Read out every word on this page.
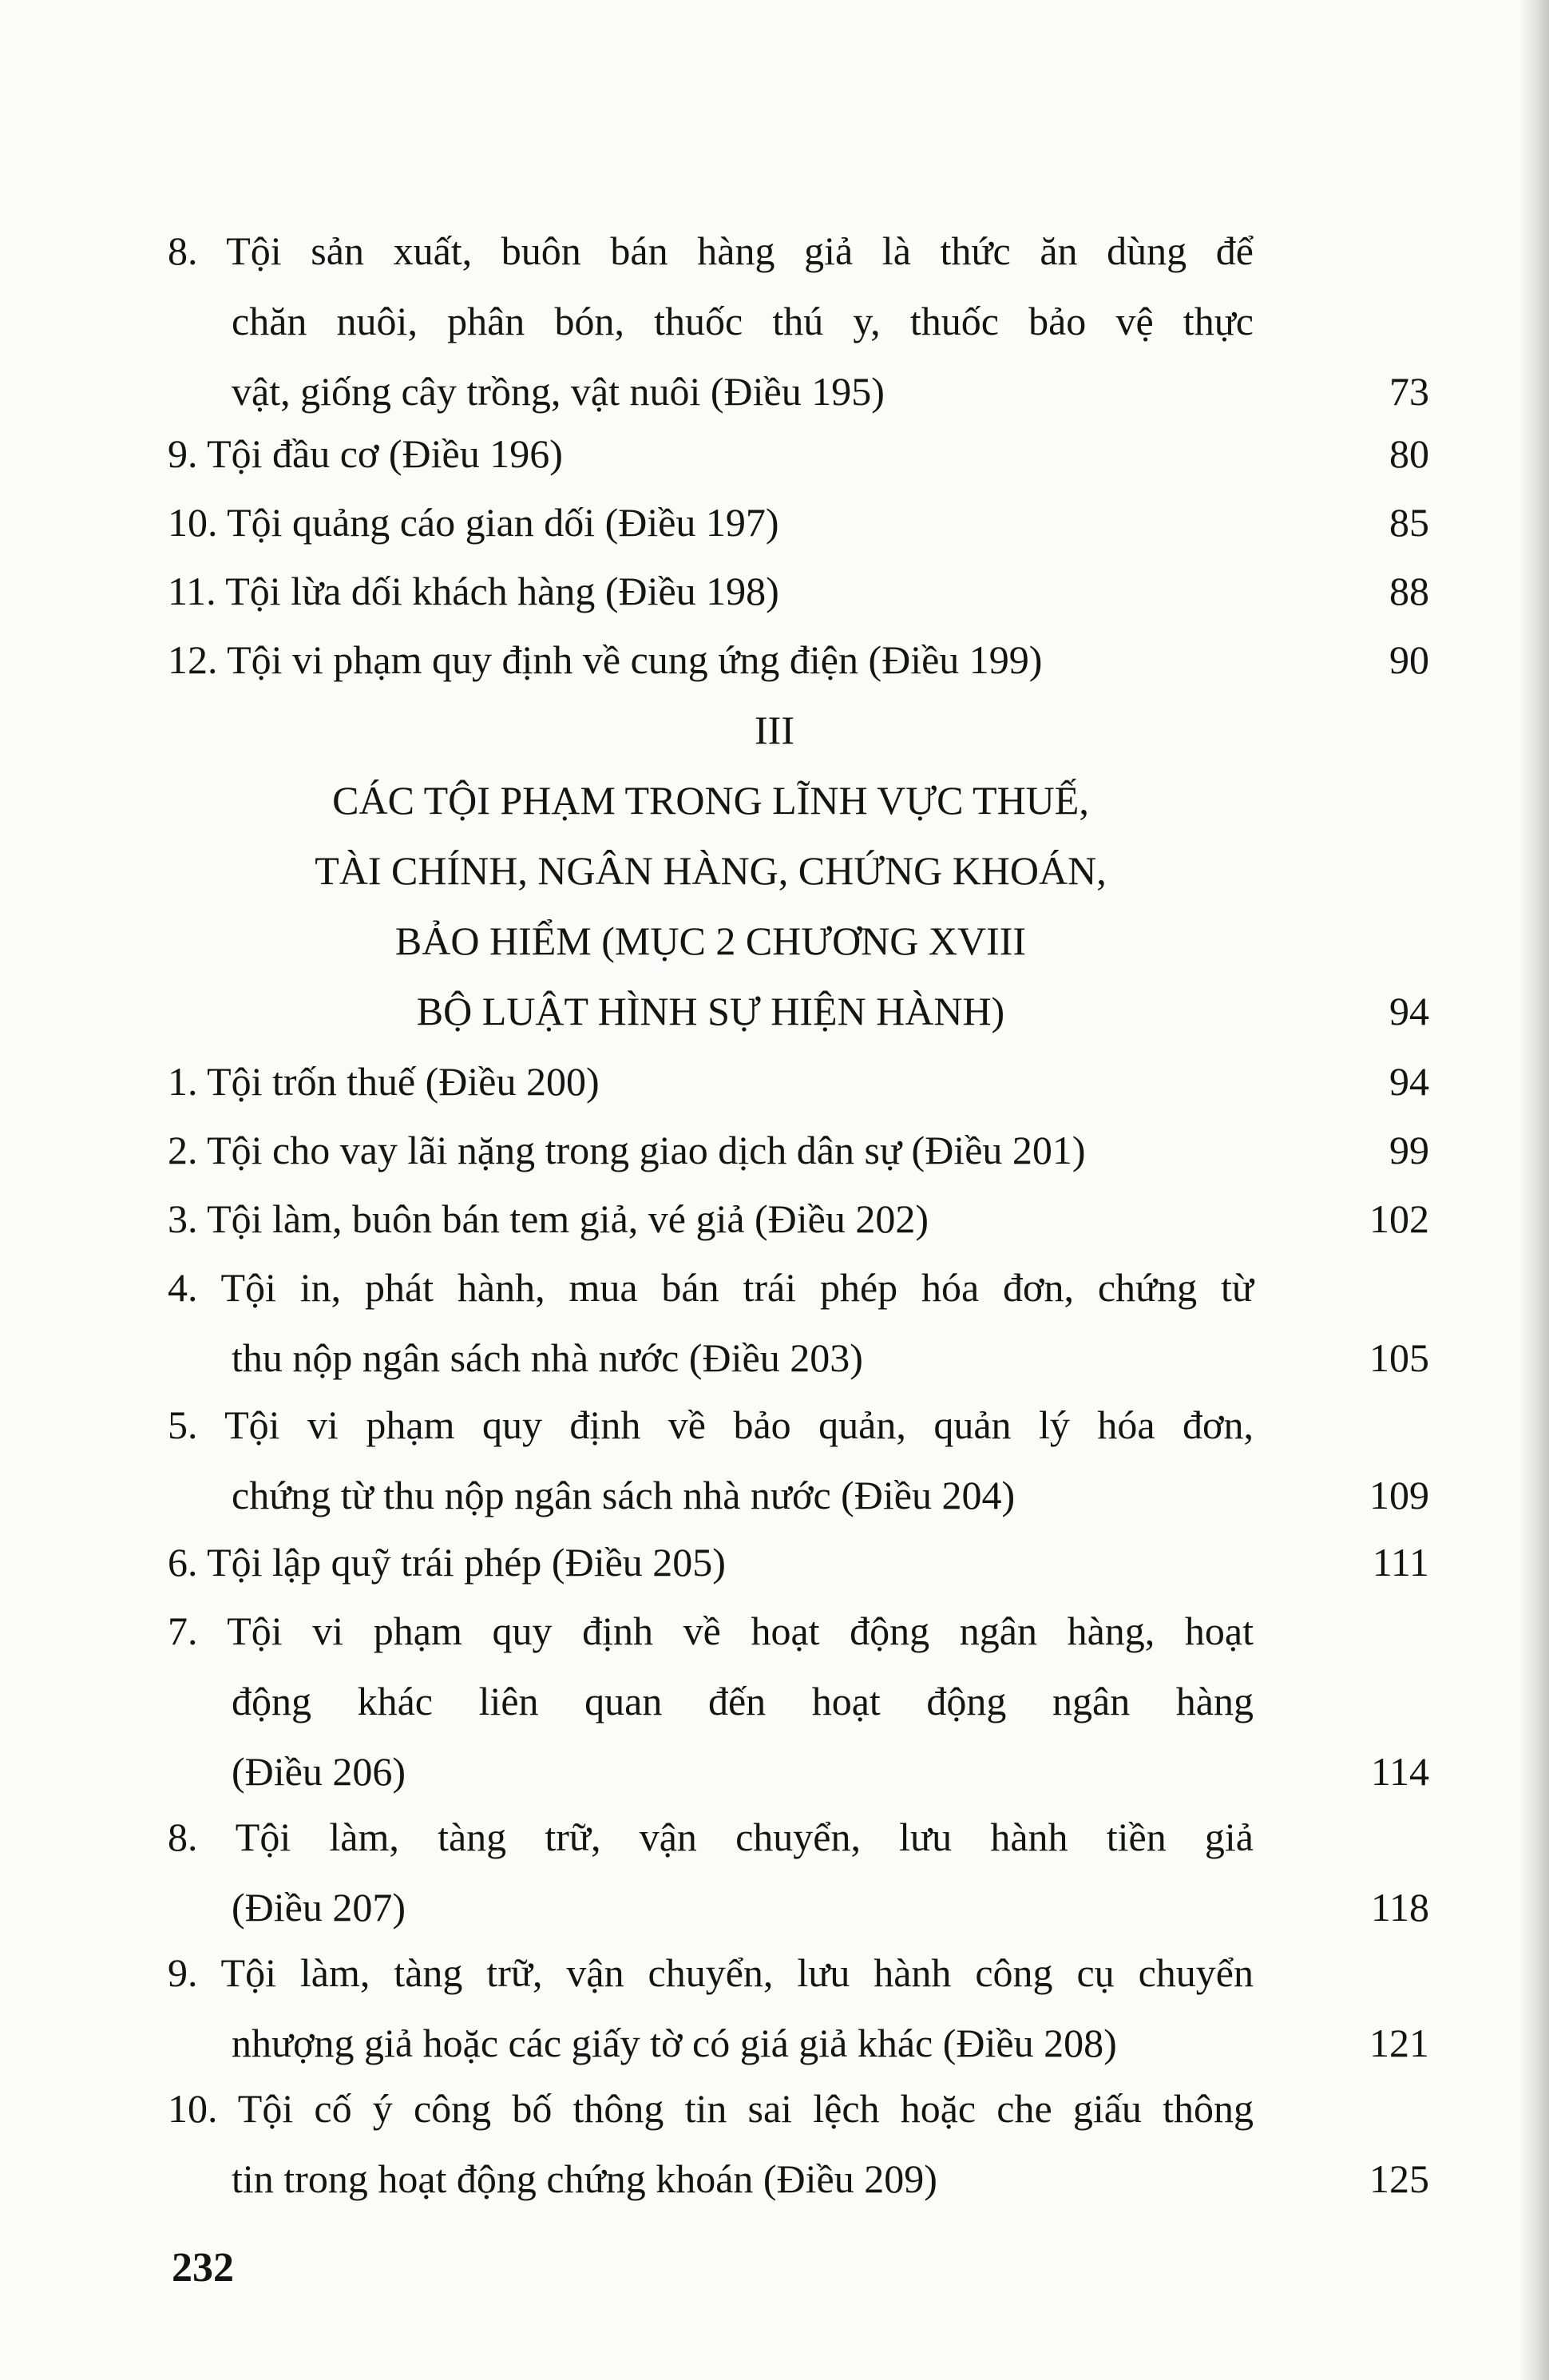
8. Tội sản xuất, buôn bán hàng giả là thức ăn dùng để
chăn nuôi, phân bón, thuốc thú y, thuốc bảo vệ thực
vật, giống cây trồng, vật nuôi (Điều 195)	73
9. Tội đầu cơ (Điều 196)	80
10. Tội quảng cáo gian dối (Điều 197)	85
11. Tội lừa dối khách hàng (Điều 198)	88
12. Tội vi phạm quy định về cung ứng điện (Điều 199)	90
III
CÁC TỘI PHẠM TRONG LĨNH VỰC THUẾ,
TÀI CHÍNH, NGÂN HÀNG, CHỨNG KHOÁN,
BẢO HIỂM (MỤC 2 CHƯƠNG XVIII
BỘ LUẬT HÌNH SỰ HIỆN HÀNH)	94
1. Tội trốn thuế (Điều 200)	94
2. Tội cho vay lãi nặng trong giao dịch dân sự (Điều 201)	99
3. Tội làm, buôn bán tem giả, vé giả (Điều 202)	102
4. Tội in, phát hành, mua bán trái phép hóa đơn, chứng từ
thu nộp ngân sách nhà nước (Điều 203)	105
5. Tội vi phạm quy định về bảo quản, quản lý hóa đơn,
chứng từ thu nộp ngân sách nhà nước (Điều 204)	109
6. Tội lập quỹ trái phép (Điều 205)	111
7. Tội vi phạm quy định về hoạt động ngân hàng, hoạt
động khác liên quan đến hoạt động ngân hàng
(Điều 206)	114
8. Tội làm, tàng trữ, vận chuyển, lưu hành tiền giả
(Điều 207)	118
9. Tội làm, tàng trữ, vận chuyển, lưu hành công cụ chuyển
nhượng giả hoặc các giấy tờ có giá giả khác (Điều 208)	121
10. Tội cố ý công bố thông tin sai lệch hoặc che giấu thông
tin trong hoạt động chứng khoán (Điều 209)	125
232
